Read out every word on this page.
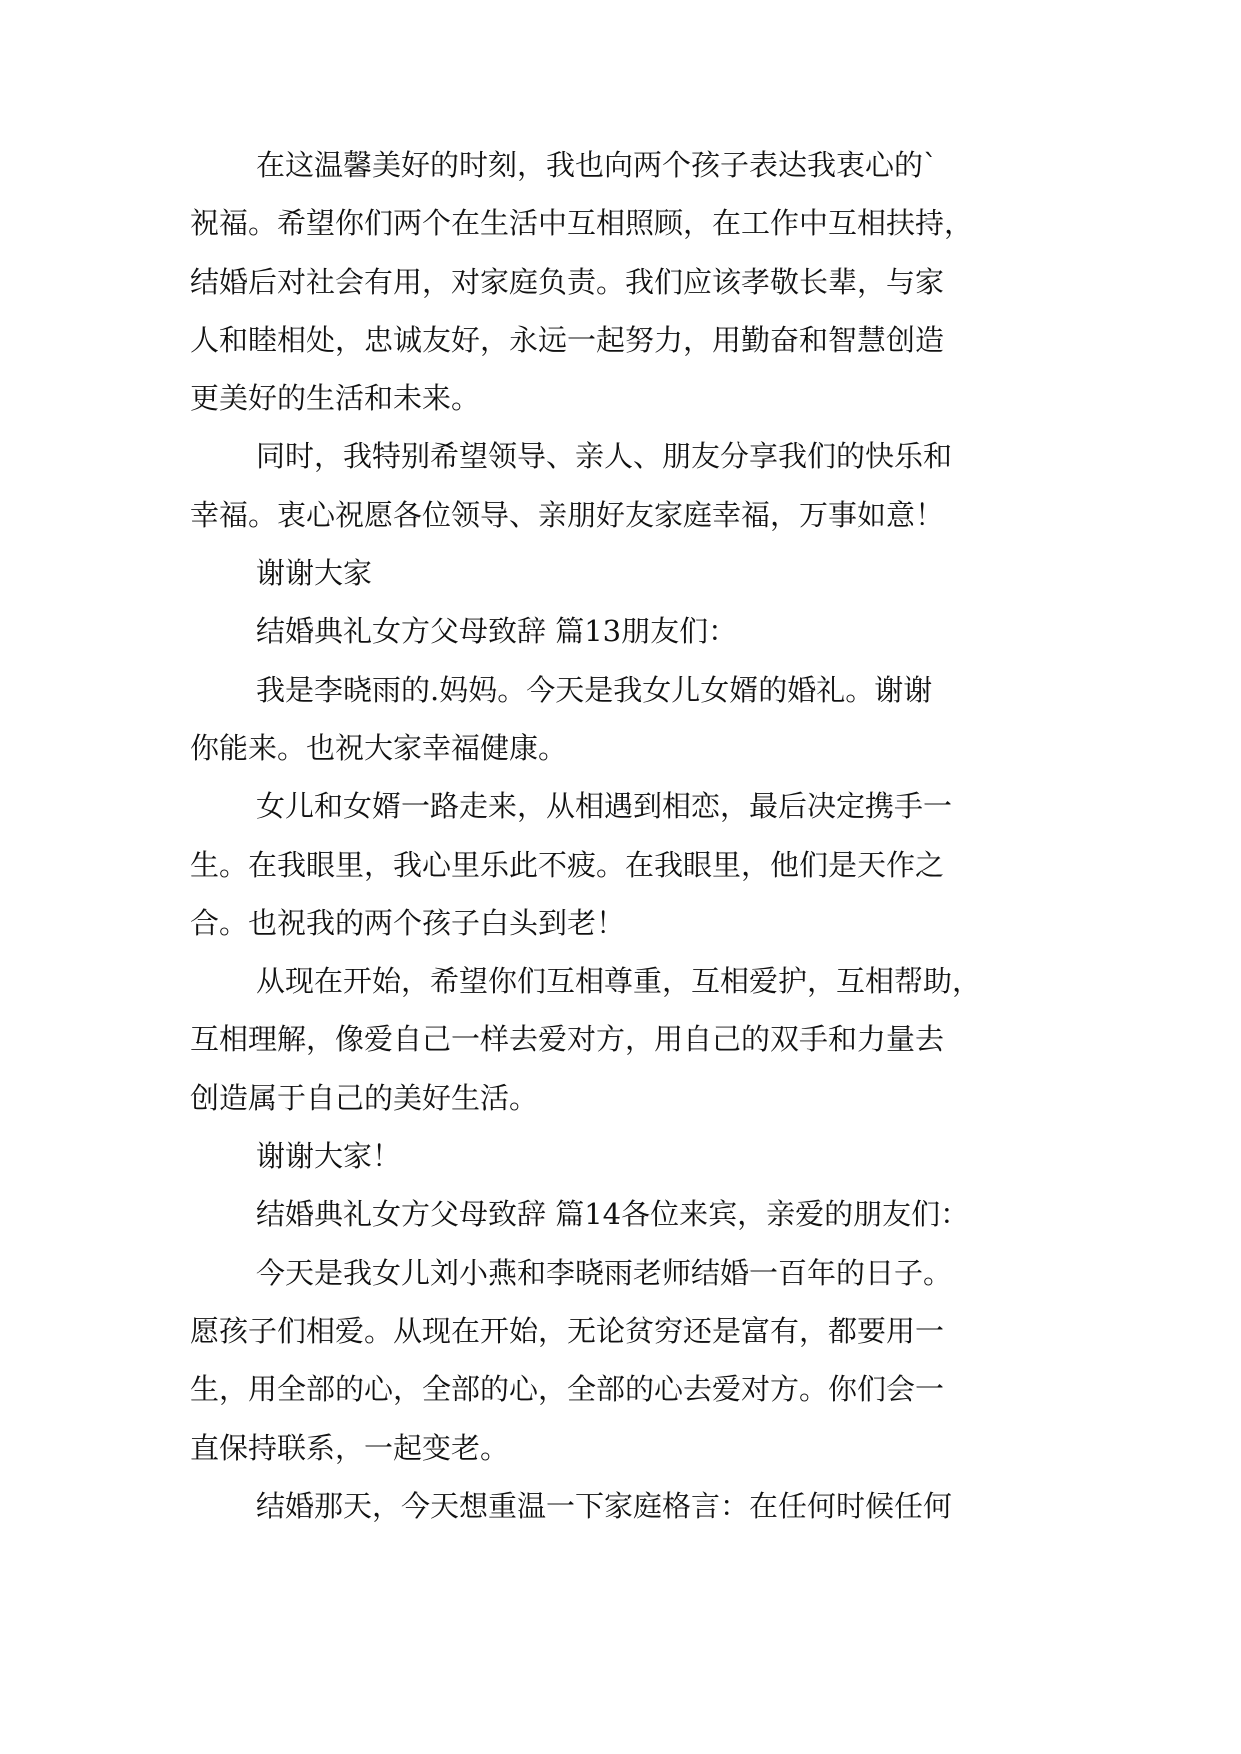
在这温馨美好的时刻，我也向两个孩子表达我衷心的`
祝福。希望你们两个在生活中互相照顾，在工作中互相扶持，
结婚后对社会有用，对家庭负责。我们应该孝敬长辈，与家
人和睦相处，忠诚友好，永远一起努力，用勤奋和智慧创造
更美好的生活和未来。
同时，我特别希望领导、亲人、朋友分享我们的快乐和
幸福。衷心祝愿各位领导、亲朋好友家庭幸福，万事如意！
谢谢大家
结婚典礼女方父母致辞 篇13朋友们：
我是李晓雨的.妈妈。今天是我女儿女婿的婚礼。谢谢
你能来。也祝大家幸福健康。
女儿和女婿一路走来，从相遇到相恋，最后决定携手一
生。在我眼里，我心里乐此不疲。在我眼里，他们是天作之
合。也祝我的两个孩子白头到老！
从现在开始，希望你们互相尊重，互相爱护，互相帮助，
互相理解，像爱自己一样去爱对方，用自己的双手和力量去
创造属于自己的美好生活。
谢谢大家！
结婚典礼女方父母致辞 篇14各位来宾，亲爱的朋友们：
今天是我女儿刘小燕和李晓雨老师结婚一百年的日子。
愿孩子们相爱。从现在开始，无论贫穷还是富有，都要用一
生，用全部的心，全部的心，全部的心去爱对方。你们会一
直保持联系，一起变老。
结婚那天，今天想重温一下家庭格言：在任何时候任何
